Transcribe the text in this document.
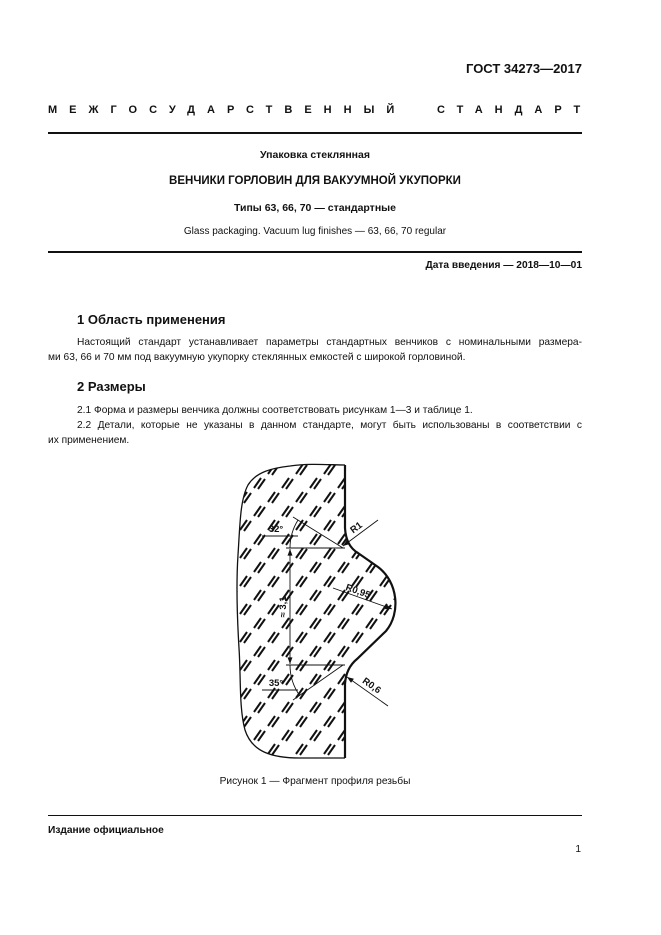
ГОСТ 34273—2017
МЕЖГОСУДАРСТВЕННЫЙ	СТАНДАРТ
Упаковка стеклянная
ВЕНЧИКИ ГОРЛОВИН ДЛЯ ВАКУУМНОЙ УКУПОРКИ
Типы 63, 66, 70 — стандартные
Glass packaging. Vacuum lug finishes — 63, 66, 70 regular
Дата введения — 2018—10—01
1 Область применения
Настоящий стандарт устанавливает параметры стандартных венчиков с номинальными размера-
ми 63, 66 и 70 мм под вакуумную укупорку стеклянных емкостей с широкой горловиной.
2 Размеры
2.1 Форма и размеры венчика должны соответствовать рисункам 1—3 и таблице 1.
2.2 Детали, которые не указаны в данном стандарте, могут быть использованы в соответствии с
их применением.
32°	R1
R0,95
≈ 3,1
35°	R0,6
Рисунок 1 — Фрагмент профиля резьбы
Издание официальное
1
